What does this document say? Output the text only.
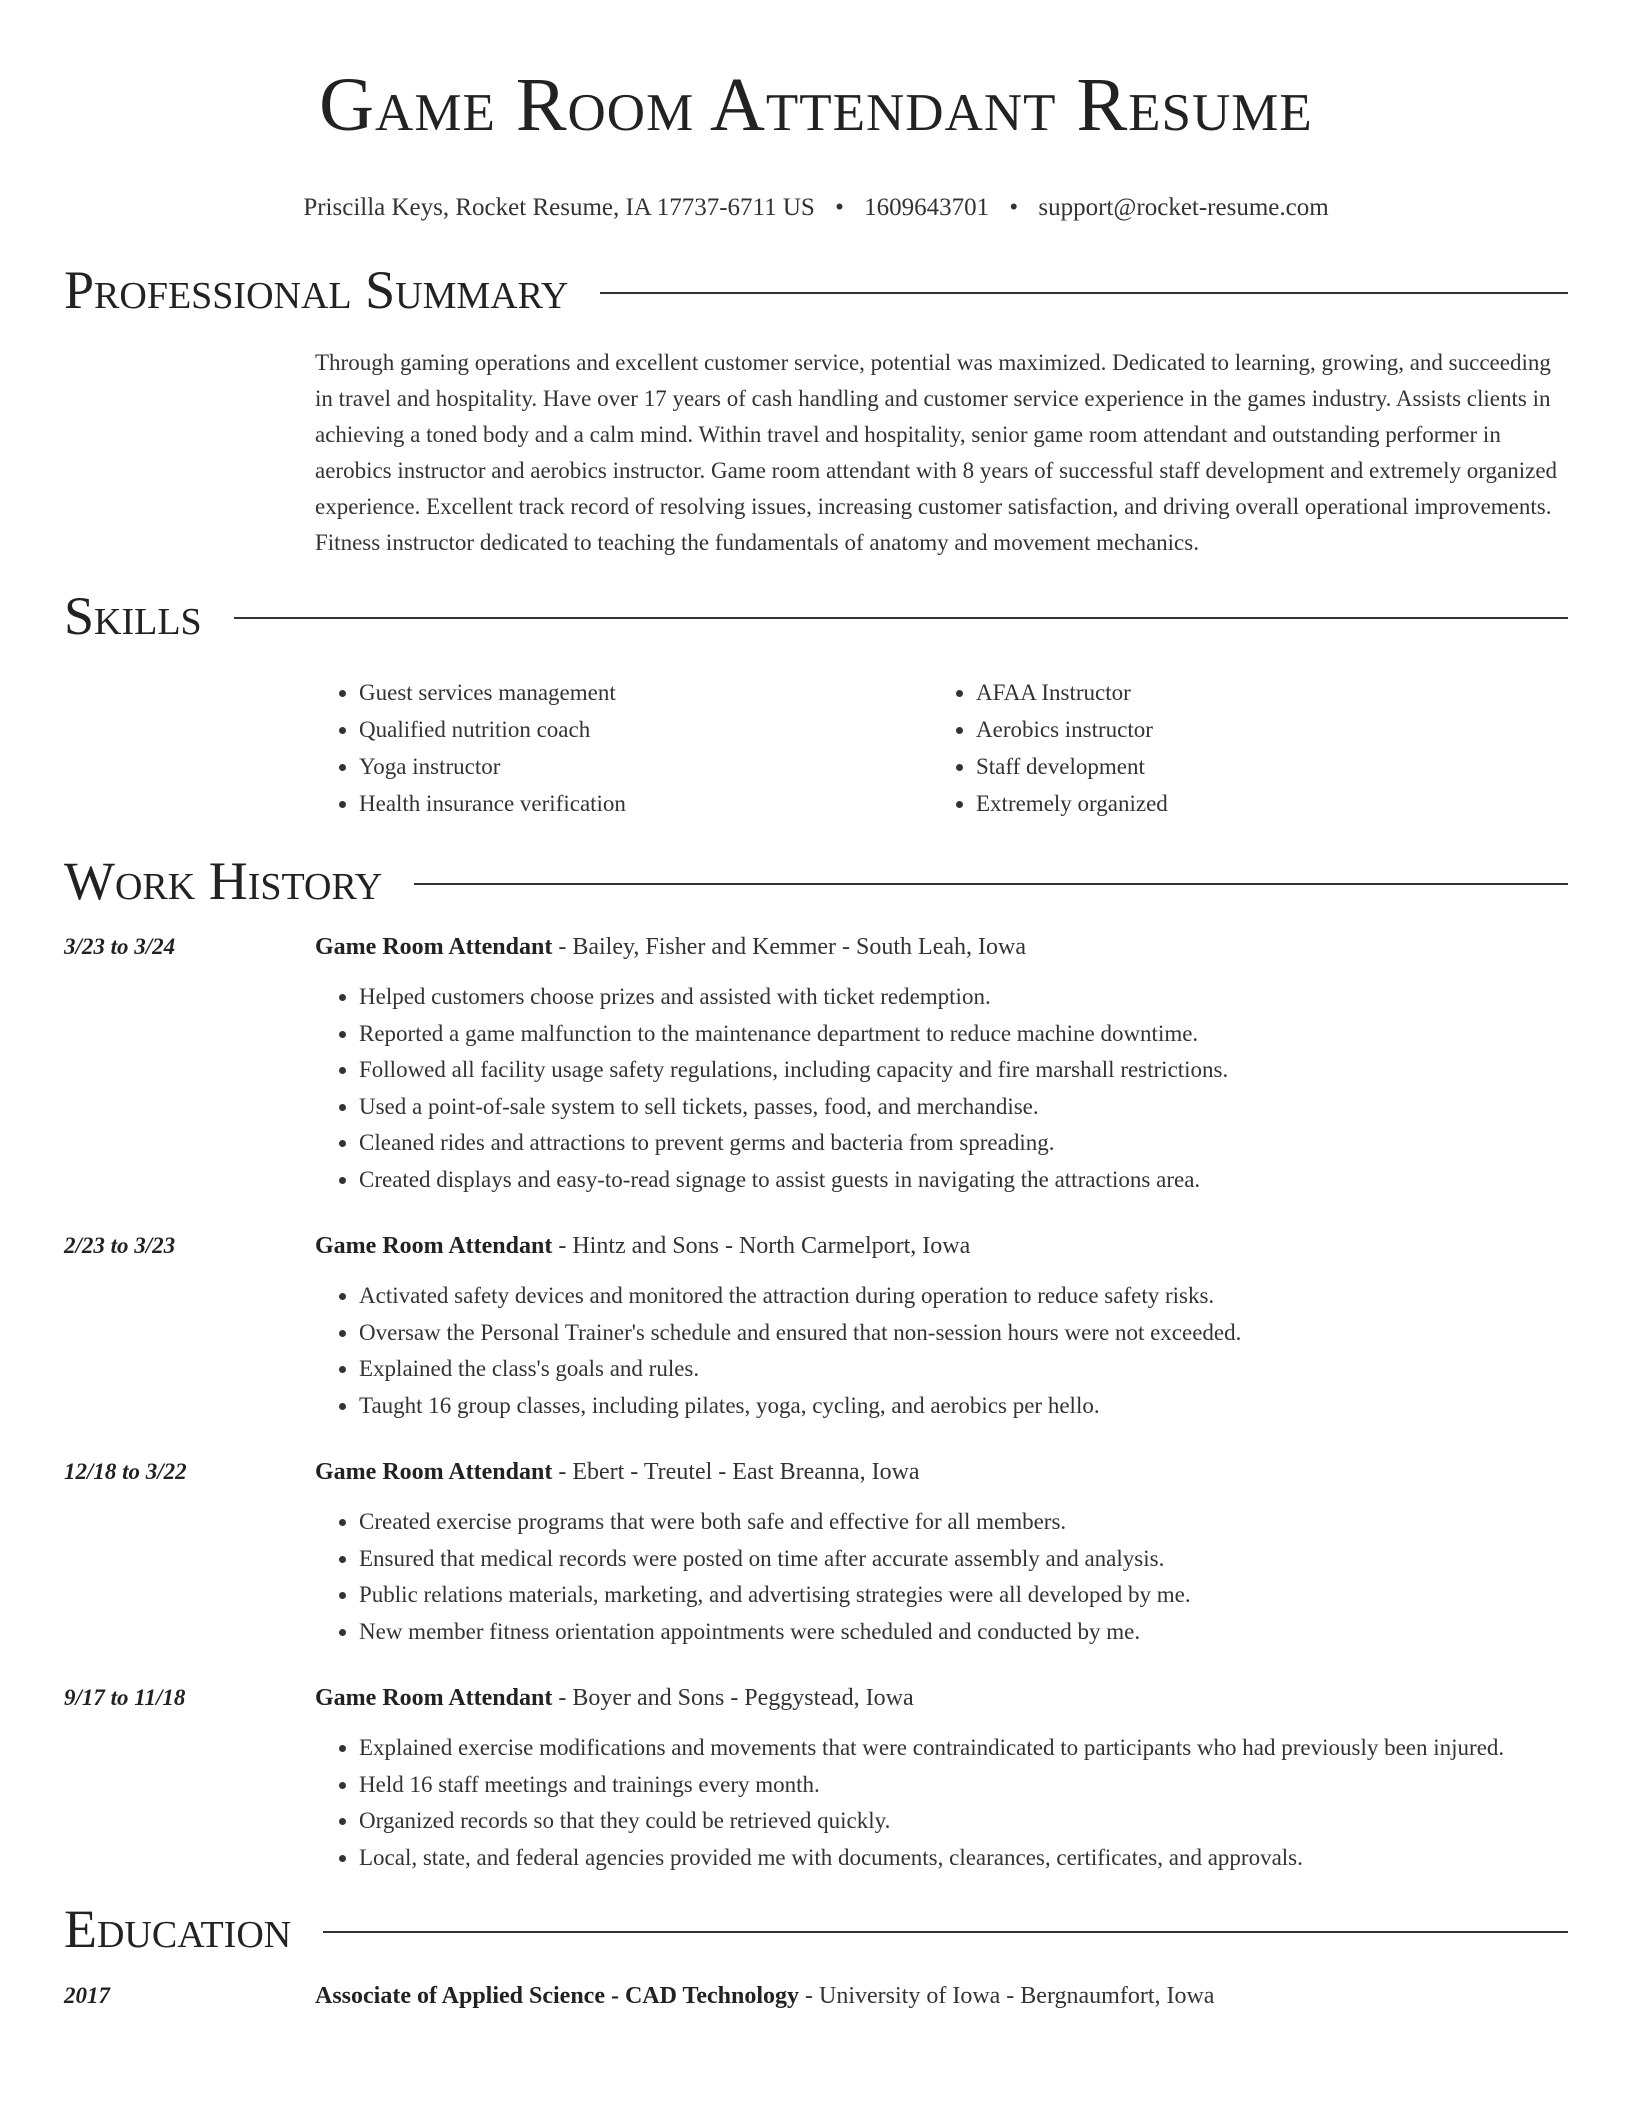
Game Room Attendant Resume
Priscilla Keys, Rocket Resume, IA 17737-6711 US • 1609643701 • support@rocket-resume.com
Professional Summary
Through gaming operations and excellent customer service, potential was maximized. Dedicated to learning, growing, and succeeding in travel and hospitality. Have over 17 years of cash handling and customer service experience in the games industry. Assists clients in achieving a toned body and a calm mind. Within travel and hospitality, senior game room attendant and outstanding performer in aerobics instructor and aerobics instructor. Game room attendant with 8 years of successful staff development and extremely organized experience. Excellent track record of resolving issues, increasing customer satisfaction, and driving overall operational improvements. Fitness instructor dedicated to teaching the fundamentals of anatomy and movement mechanics.
Skills
• Guest services management
• Qualified nutrition coach
• Yoga instructor
• Health insurance verification
• AFAA Instructor
• Aerobics instructor
• Staff development
• Extremely organized
Work History
3/23 to 3/24	Game Room Attendant - Bailey, Fisher and Kemmer - South Leah, Iowa
• Helped customers choose prizes and assisted with ticket redemption.
• Reported a game malfunction to the maintenance department to reduce machine downtime.
• Followed all facility usage safety regulations, including capacity and fire marshall restrictions.
• Used a point-of-sale system to sell tickets, passes, food, and merchandise.
• Cleaned rides and attractions to prevent germs and bacteria from spreading.
• Created displays and easy-to-read signage to assist guests in navigating the attractions area.
2/23 to 3/23	Game Room Attendant - Hintz and Sons - North Carmelport, Iowa
• Activated safety devices and monitored the attraction during operation to reduce safety risks.
• Oversaw the Personal Trainer's schedule and ensured that non-session hours were not exceeded.
• Explained the class's goals and rules.
• Taught 16 group classes, including pilates, yoga, cycling, and aerobics per hello.
12/18 to 3/22	Game Room Attendant - Ebert - Treutel - East Breanna, Iowa
• Created exercise programs that were both safe and effective for all members.
• Ensured that medical records were posted on time after accurate assembly and analysis.
• Public relations materials, marketing, and advertising strategies were all developed by me.
• New member fitness orientation appointments were scheduled and conducted by me.
9/17 to 11/18	Game Room Attendant - Boyer and Sons - Peggystead, Iowa
• Explained exercise modifications and movements that were contraindicated to participants who had previously been injured.
• Held 16 staff meetings and trainings every month.
• Organized records so that they could be retrieved quickly.
• Local, state, and federal agencies provided me with documents, clearances, certificates, and approvals.
Education
2017	Associate of Applied Science - CAD Technology - University of Iowa - Bergnaumfort, Iowa
